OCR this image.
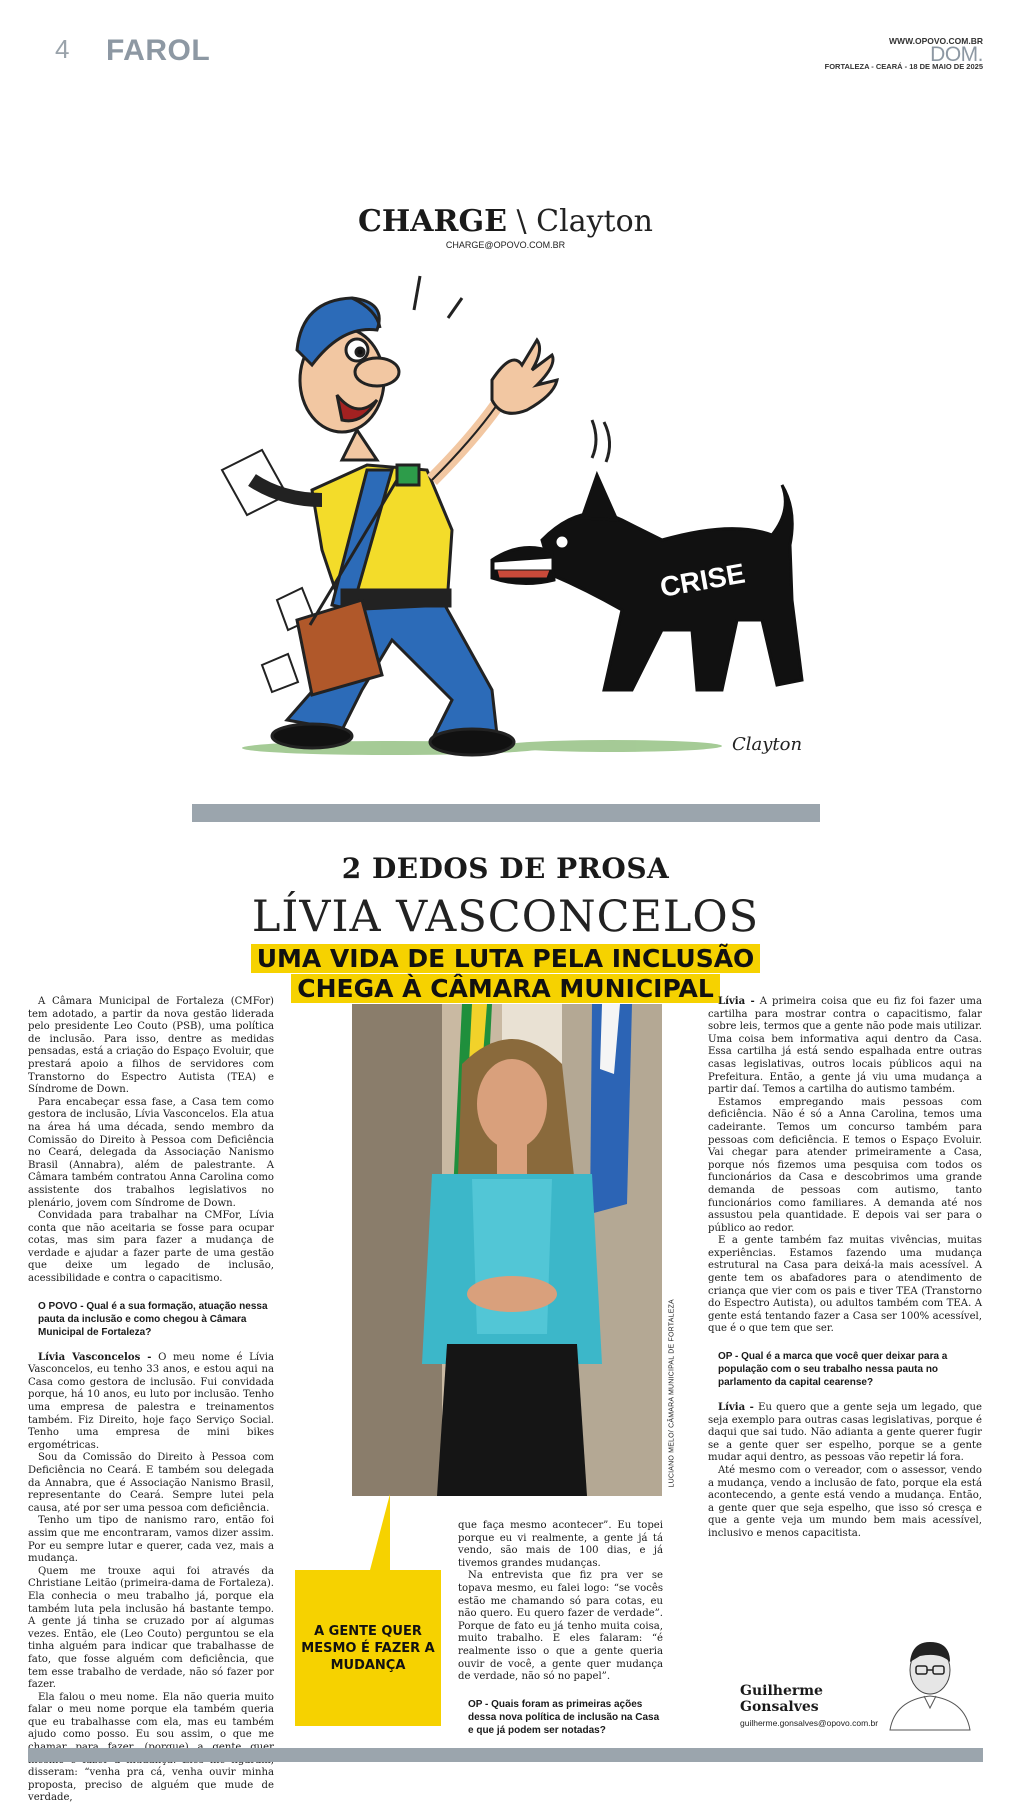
4 FAROL	WWW.OPOVO.COM.BR
DOM.
FORTALEZA - CEARÁ - 18 DE MAIO DE 2025
CHARGE \ Clayton
CHARGE@OPOVO.COM.BR
CRISE
Clayton
2 DEDOS DE PROSA
LÍVIA VASCONCELOS
UMA VIDA DE LUTA PELA INCLUSÃO
CHEGA À CÂMARA MUNICIPAL

A Câmara Municipal de Fortaleza (CMFor) tem adotado, a partir da nova gestão liderada pelo presidente Leo Couto (PSB), uma política de inclusão. Para isso, dentre as medidas pensadas, está a criação do Espaço Evoluir, que prestará apoio a filhos de servidores com Transtorno do Espectro Autista (TEA) e Síndrome de Down.

Para encabeçar essa fase, a Casa tem como gestora de inclusão, Lívia Vasconcelos. Ela atua na área há uma década, sendo membro da Comissão do Direito à Pessoa com Deficiência no Ceará, delegada da Associação Nanismo Brasil (Annabra), além de palestrante. A Câmara também contratou Anna Carolina como assistente dos trabalhos legislativos no plenário, jovem com Síndrome de Down.

Convidada para trabalhar na CMFor, Lívia conta que não aceitaria se fosse para ocupar cotas, mas sim para fazer a mudança de verdade e ajudar a fazer parte de uma gestão que deixe um legado de inclusão, acessibilidade e contra o capacitismo.

O POVO - Qual é a sua formação, atuação nessa pauta da inclusão e como chegou à Câmara Municipal de Fortaleza?

Lívia Vasconcelos - O meu nome é Lívia Vasconcelos, eu tenho 33 anos, e estou aqui na Casa como gestora de inclusão. Fui convidada porque, há 10 anos, eu luto por inclusão. Tenho uma empresa de palestra e treinamentos também. Fiz Direito, hoje faço Serviço Social. Tenho uma empresa de mini bikes ergométricas.

Sou da Comissão do Direito à Pessoa com Deficiência no Ceará. E também sou delegada da Annabra, que é Associação Nanismo Brasil, representante do Ceará. Sempre lutei pela causa, até por ser uma pessoa com deficiência.

Tenho um tipo de nanismo raro, então foi assim que me encontraram, vamos dizer assim. Por eu sempre lutar e querer, cada vez, mais a mudança.

Quem me trouxe aqui foi através da Christiane Leitão (primeira-dama de Fortaleza). Ela conhecia o meu trabalho já, porque ela também luta pela inclusão há bastante tempo. A gente já tinha se cruzado por aí algumas vezes. Então, ele (Leo Couto) perguntou se ela tinha alguém para indicar que trabalhasse de fato, que fosse alguém com deficiência, que tem esse trabalho de verdade, não só fazer por fazer.

Ela falou o meu nome. Ela não queria muito falar o meu nome porque ela também queria que eu trabalhasse com ela, mas eu também ajudo como posso. Eu sou assim, o que me disseram: “venha pra cá, venha ouvir minha proposta, preciso de alguém que mude de verdade,

LUCIANO MELO/ CÂMARA MUNICIPAL DE FORTALEZA
A GENTE QUER MESMO É FAZER A MUDANÇA

que faça mesmo acontecer”. Eu topei porque eu vi realmente, a gente já tá vendo, são mais de 100 dias, e já tivemos grandes mudanças.

Na entrevista que fiz pra ver se topava mesmo, eu falei logo: “se vocês estão me chamando só para cotas, eu não quero. Eu quero fazer de verdade”. Porque de fato eu já tenho muita coisa, muito trabalho. E eles falaram: “é realmente isso o que a gente queria ouvir de você, a gente quer mudança de verdade, não só no papel”.

OP - Quais foram as primeiras ações dessa nova política de inclusão na Casa e que já podem ser notadas?

Lívia - A primeira coisa que eu fiz foi fazer uma cartilha para mostrar contra o capacitismo, falar sobre leis, termos que a gente não pode mais utilizar. Uma coisa bem informativa aqui dentro da Casa. Essa cartilha já está sendo espalhada entre outras casas legislativas, outros locais públicos aqui na Prefeitura. Então, a gente já viu uma mudança a partir daí. Temos a cartilha do autismo também.

Estamos empregando mais pessoas com deficiência. Não é só a Anna Carolina, temos uma cadeirante. Temos um concurso também para pessoas com deficiência. E temos o Espaço Evoluir. Vai chegar para atender primeiramente a Casa, porque nós fizemos uma pesquisa com todos os funcionários da Casa e descobrimos uma grande demanda de pessoas com autismo, tanto funcionários como familiares. A demanda até nos assustou pela quantidade. E depois vai ser para o público ao redor.

E a gente também faz muitas vivências, muitas experiências. Estamos fazendo uma mudança estrutural na Casa para deixá-la mais acessível. A gente tem os abafadores para o atendimento de criança que vier com os pais e tiver TEA (Transtorno do Espectro Autista), ou adultos também com TEA. A gente está tentando fazer a Casa ser 100% acessível, que é o que tem que ser.

OP - Qual é a marca que você quer deixar para a população com o seu trabalho nessa pauta no parlamento da capital cearense?

Lívia - Eu quero que a gente seja um legado, que seja exemplo para outras casas legislativas, porque é daqui que sai tudo. Não adianta a gente querer fugir se a gente quer ser espelho, porque se a gente mudar aqui dentro, as pessoas vão repetir lá fora.

Até mesmo com o vereador, com o assessor, vendo a mudança, vendo a inclusão de fato, porque ela está acontecendo, a gente está vendo a mudança. Então, a gente quer que seja espelho, que isso só cresça e que a gente veja um mundo bem mais acessível, inclusivo e menos capacitista.

Guilherme
Gonsalves
guilherme.gonsalves@opovo.com.br
